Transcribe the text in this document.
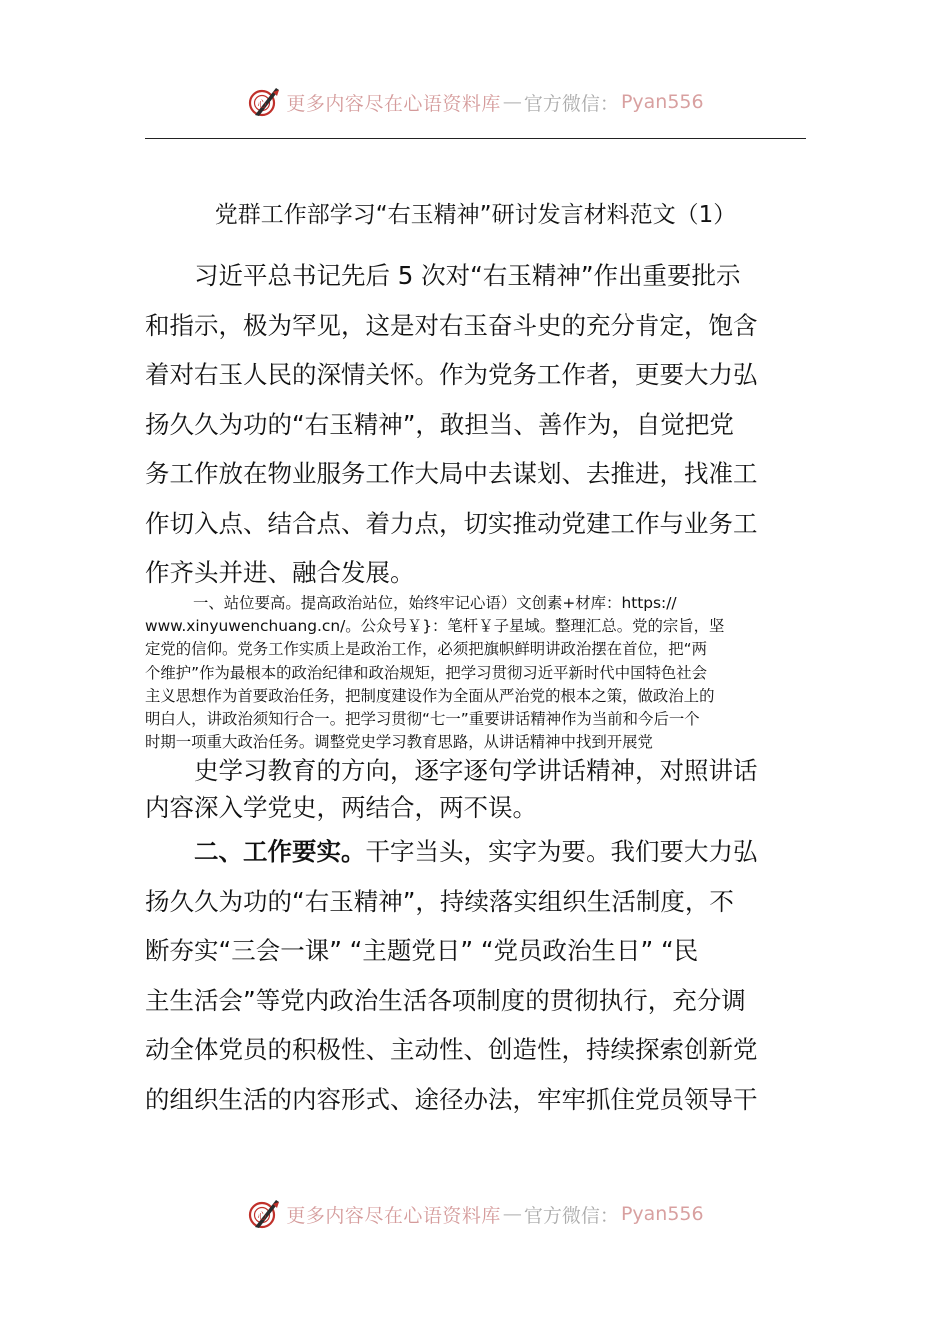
心 更多内容尽在心语资料库 — 官方微信： Pyan556
党群工作部学习“右玉精神”研讨发言材料范文（1）
习近平总书记先后 5 次对“右玉精神”作出重要批示
和指示，极为罕见，这是对右玉奋斗史的充分肯定，饱含
着对右玉人民的深情关怀。作为党务工作者，更要大力弘
扬久久为功的“右玉精神”，敢担当、善作为，自觉把党
务工作放在物业服务工作大局中去谋划、去推进，找准工
作切入点、结合点、着力点，切实推动党建工作与业务工
作齐头并进、融合发展。
一、站位要高。提高政治站位，始终牢记心语）文创素+材库：https://
www.xinyuwenchuang.cn/。公众号￥}：笔杆￥子星域。整理汇总。党的宗旨，坚
定党的信仰。党务工作实质上是政治工作，必须把旗帜鲜明讲政治摆在首位，把“两
个维护”作为最根本的政治纪律和政治规矩，把学习贯彻习近平新时代中国特色社会
主义思想作为首要政治任务，把制度建设作为全面从严治党的根本之策，做政治上的
明白人，讲政治须知行合一。把学习贯彻“七一”重要讲话精神作为当前和今后一个
时期一项重大政治任务。调整党史学习教育思路，从讲话精神中找到开展党
史学习教育的方向，逐字逐句学讲话精神，对照讲话
内容深入学党史，两结合，两不误。
二、工作要实。干字当头，实字为要。我们要大力弘
扬久久为功的“右玉精神”，持续落实组织生活制度，不
断夯实“三会一课” “主题党日” “党员政治生日” “民
主生活会”等党内政治生活各项制度的贯彻执行，充分调
动全体党员的积极性、主动性、创造性，持续探索创新党
的组织生活的内容形式、途径办法，牢牢抓住党员领导干
心 更多内容尽在心语资料库 — 官方微信： Pyan556
